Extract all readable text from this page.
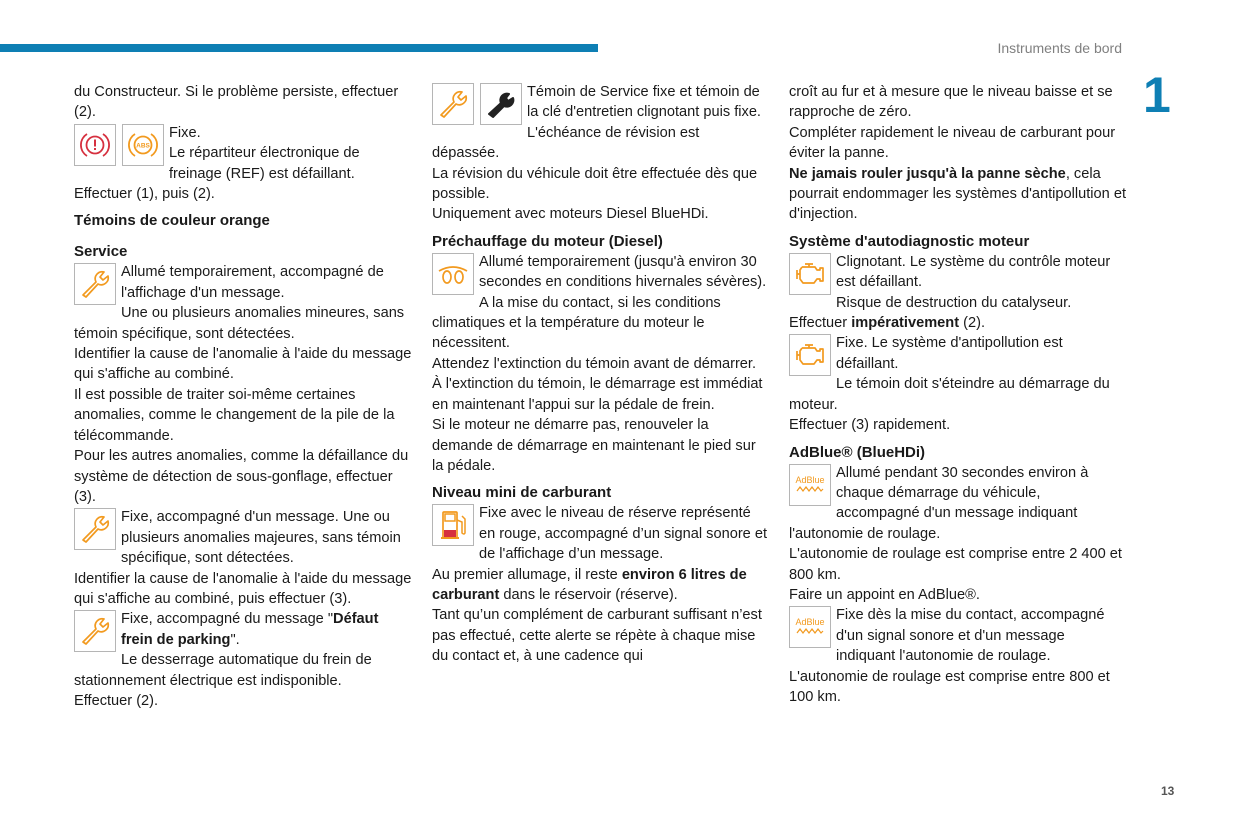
Instruments de bord
1

du Constructeur. Si le problème persiste, effectuer (2).

ABS

Fixe.

Le répartiteur électronique de freinage (REF) est défaillant.

Effectuer (1), puis (2).

Témoins de couleur orange
Service

Allumé temporairement, accompagné de l'affichage d'un message.

Une ou plusieurs anomalies mineures, sans témoin spécifique, sont détectées.

Identifier la cause de l'anomalie à l'aide du message qui s'affiche au combiné.

Il est possible de traiter soi-même certaines anomalies, comme le changement de la pile de la télécommande.

Pour les autres anomalies, comme la défaillance du système de détection de sous-gonflage, effectuer (3).

Fixe, accompagné d'un message. Une ou plusieurs anomalies majeures, sans témoin spécifique, sont détectées.

Identifier la cause de l'anomalie à l'aide du message qui s'affiche au combiné, puis effectuer (3).

Fixe, accompagné du message "Défaut frein de parking".

Le desserrage automatique du frein de stationnement électrique est indisponible.

Effectuer (2).

Témoin de Service fixe et témoin de la clé d'entretien clignotant puis fixe.

L'échéance de révision est dépassée.

La révision du véhicule doit être effectuée dès que possible.

Uniquement avec moteurs Diesel BlueHDi.

Préchauffage du moteur (Diesel)

Allumé temporairement (jusqu'à environ 30 secondes en conditions hivernales sévères).

A la mise du contact, si les conditions climatiques et la température du moteur le nécessitent.

Attendez l'extinction du témoin avant de démarrer.

À l'extinction du témoin, le démarrage est immédiat en maintenant l'appui sur la pédale de frein.

Si le moteur ne démarre pas, renouveler la demande de démarrage en maintenant le pied sur la pédale.

Niveau mini de carburant

Fixe avec le niveau de réserve représenté en rouge, accompagné d’un signal sonore et de l'affichage d’un message.

Au premier allumage, il reste environ 6 litres de carburant dans le réservoir (réserve).

Tant qu’un complément de carburant suffisant n’est pas effectué, cette alerte se répète à chaque mise du contact et, à une cadence qui

croît au fur et à mesure que le niveau baisse et se rapproche de zéro.

Compléter rapidement le niveau de carburant pour éviter la panne.

Ne jamais rouler jusqu'à la panne sèche, cela pourrait endommager les systèmes d'antipollution et d'injection.

Système d'autodiagnostic moteur

Clignotant. Le système du contrôle moteur est défaillant.

Risque de destruction du catalyseur.

Effectuer impérativement (2).

Fixe. Le système d'antipollution est défaillant.

Le témoin doit s'éteindre au démarrage du moteur.

Effectuer (3) rapidement.

AdBlue® (BlueHDi)
AdBlue Allumé pendant 30 secondes environ à chaque démarrage du véhicule, accompagné d'un message indiquant l'autonomie de roulage.

L'autonomie de roulage est comprise entre 2 400 et 800 km.

Faire un appoint en AdBlue®.

AdBlue Fixe dès la mise du contact, accompagné d'un signal sonore et d'un message indiquant l'autonomie de roulage.

L'autonomie de roulage est comprise entre 800 et 100 km.

13
